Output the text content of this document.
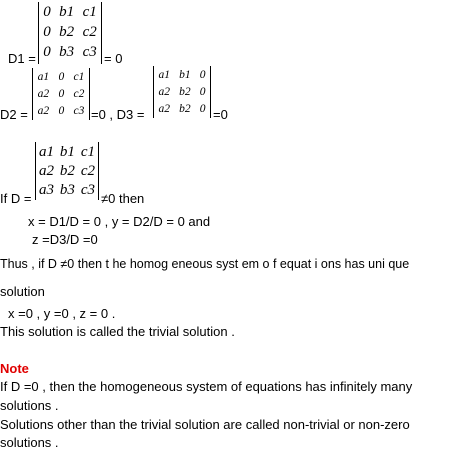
D1 =
0 b1 c1
0 b2 c2
0 b3 c3 = 0
D2 =
a1 0 c1
a2 0 c2
a2 0 c3 =0 , D3 =
a1 b1 0
a2 b2 0
a2 b2 0 =0
If D =
a1 b1 c1
a2 b2 c2
a3 b3 c3
≠0 then
x = D1/D = 0 , y = D2/D = 0 and
z =D3/D =0
Thus , if D ≠0 then t he homog eneous syst em o f equat i ons has uni que
solution
x =0 , y =0 , z = 0 .
This solution is called the trivial solution .
Note
If D =0 , then the homogeneous system of equations has infinitely many
solutions .
Solutions other than the trivial solution are called non-trivial or non-zero
solutions .
